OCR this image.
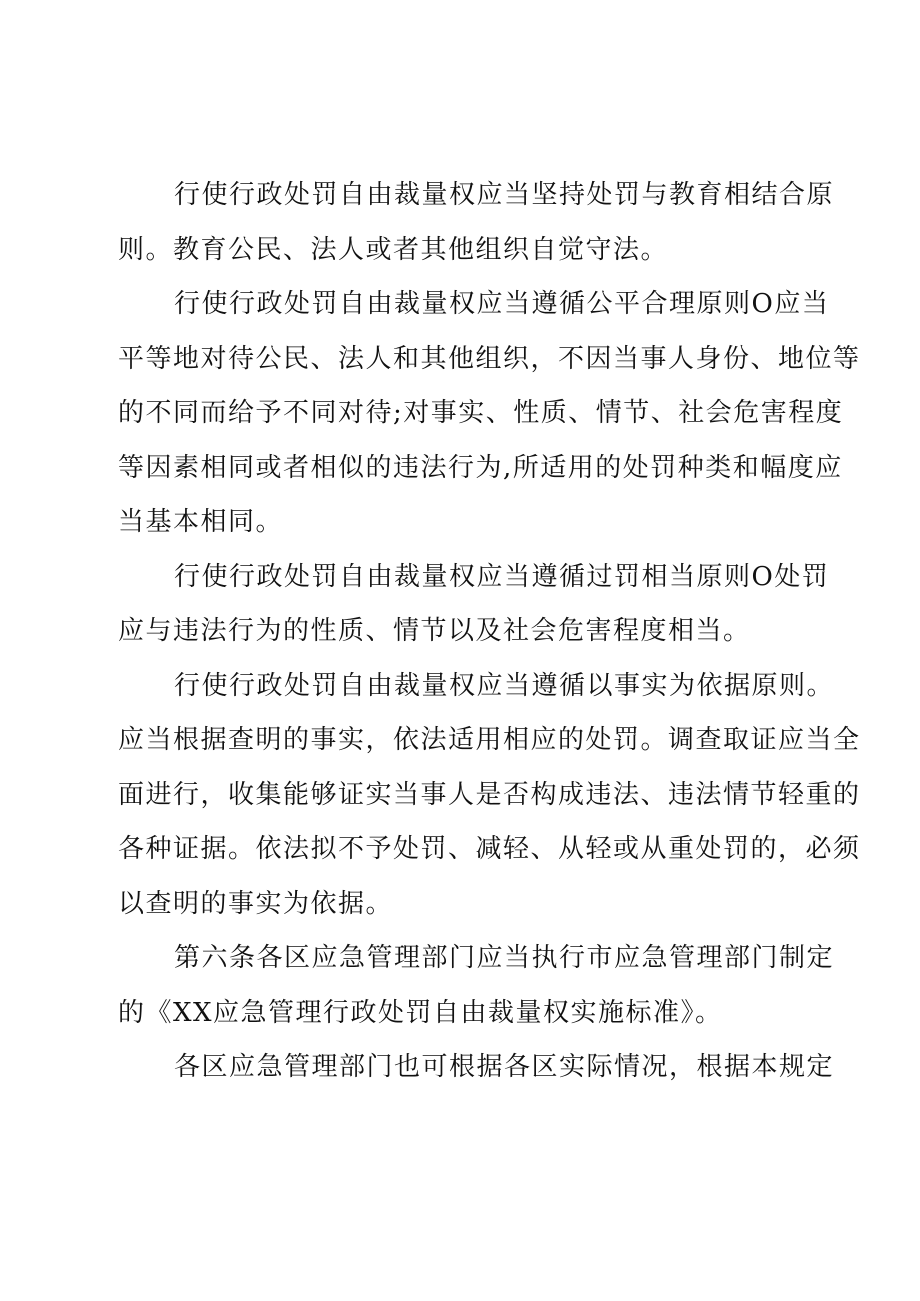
行使行政处罚自由裁量权应当坚持处罚与教育相结合原
则。教育公民、法人或者其他组织自觉守法。

行使行政处罚自由裁量权应当遵循公平合理原则O应当
平等地对待公民、法人和其他组织，不因当事人身份、地位等
的不同而给予不同对待;对事实、性质、情节、社会危害程度
等因素相同或者相似的违法行为,所适用的处罚种类和幅度应
当基本相同。

行使行政处罚自由裁量权应当遵循过罚相当原则O处罚
应与违法行为的性质、情节以及社会危害程度相当。

行使行政处罚自由裁量权应当遵循以事实为依据原则。
应当根据查明的事实，依法适用相应的处罚。调查取证应当全
面进行，收集能够证实当事人是否构成违法、违法情节轻重的
各种证据。依法拟不予处罚、减轻、从轻或从重处罚的，必须
以查明的事实为依据。

第六条各区应急管理部门应当执行市应急管理部门制定
的《XX应急管理行政处罚自由裁量权实施标准》。

各区应急管理部门也可根据各区实际情况，根据本规定
